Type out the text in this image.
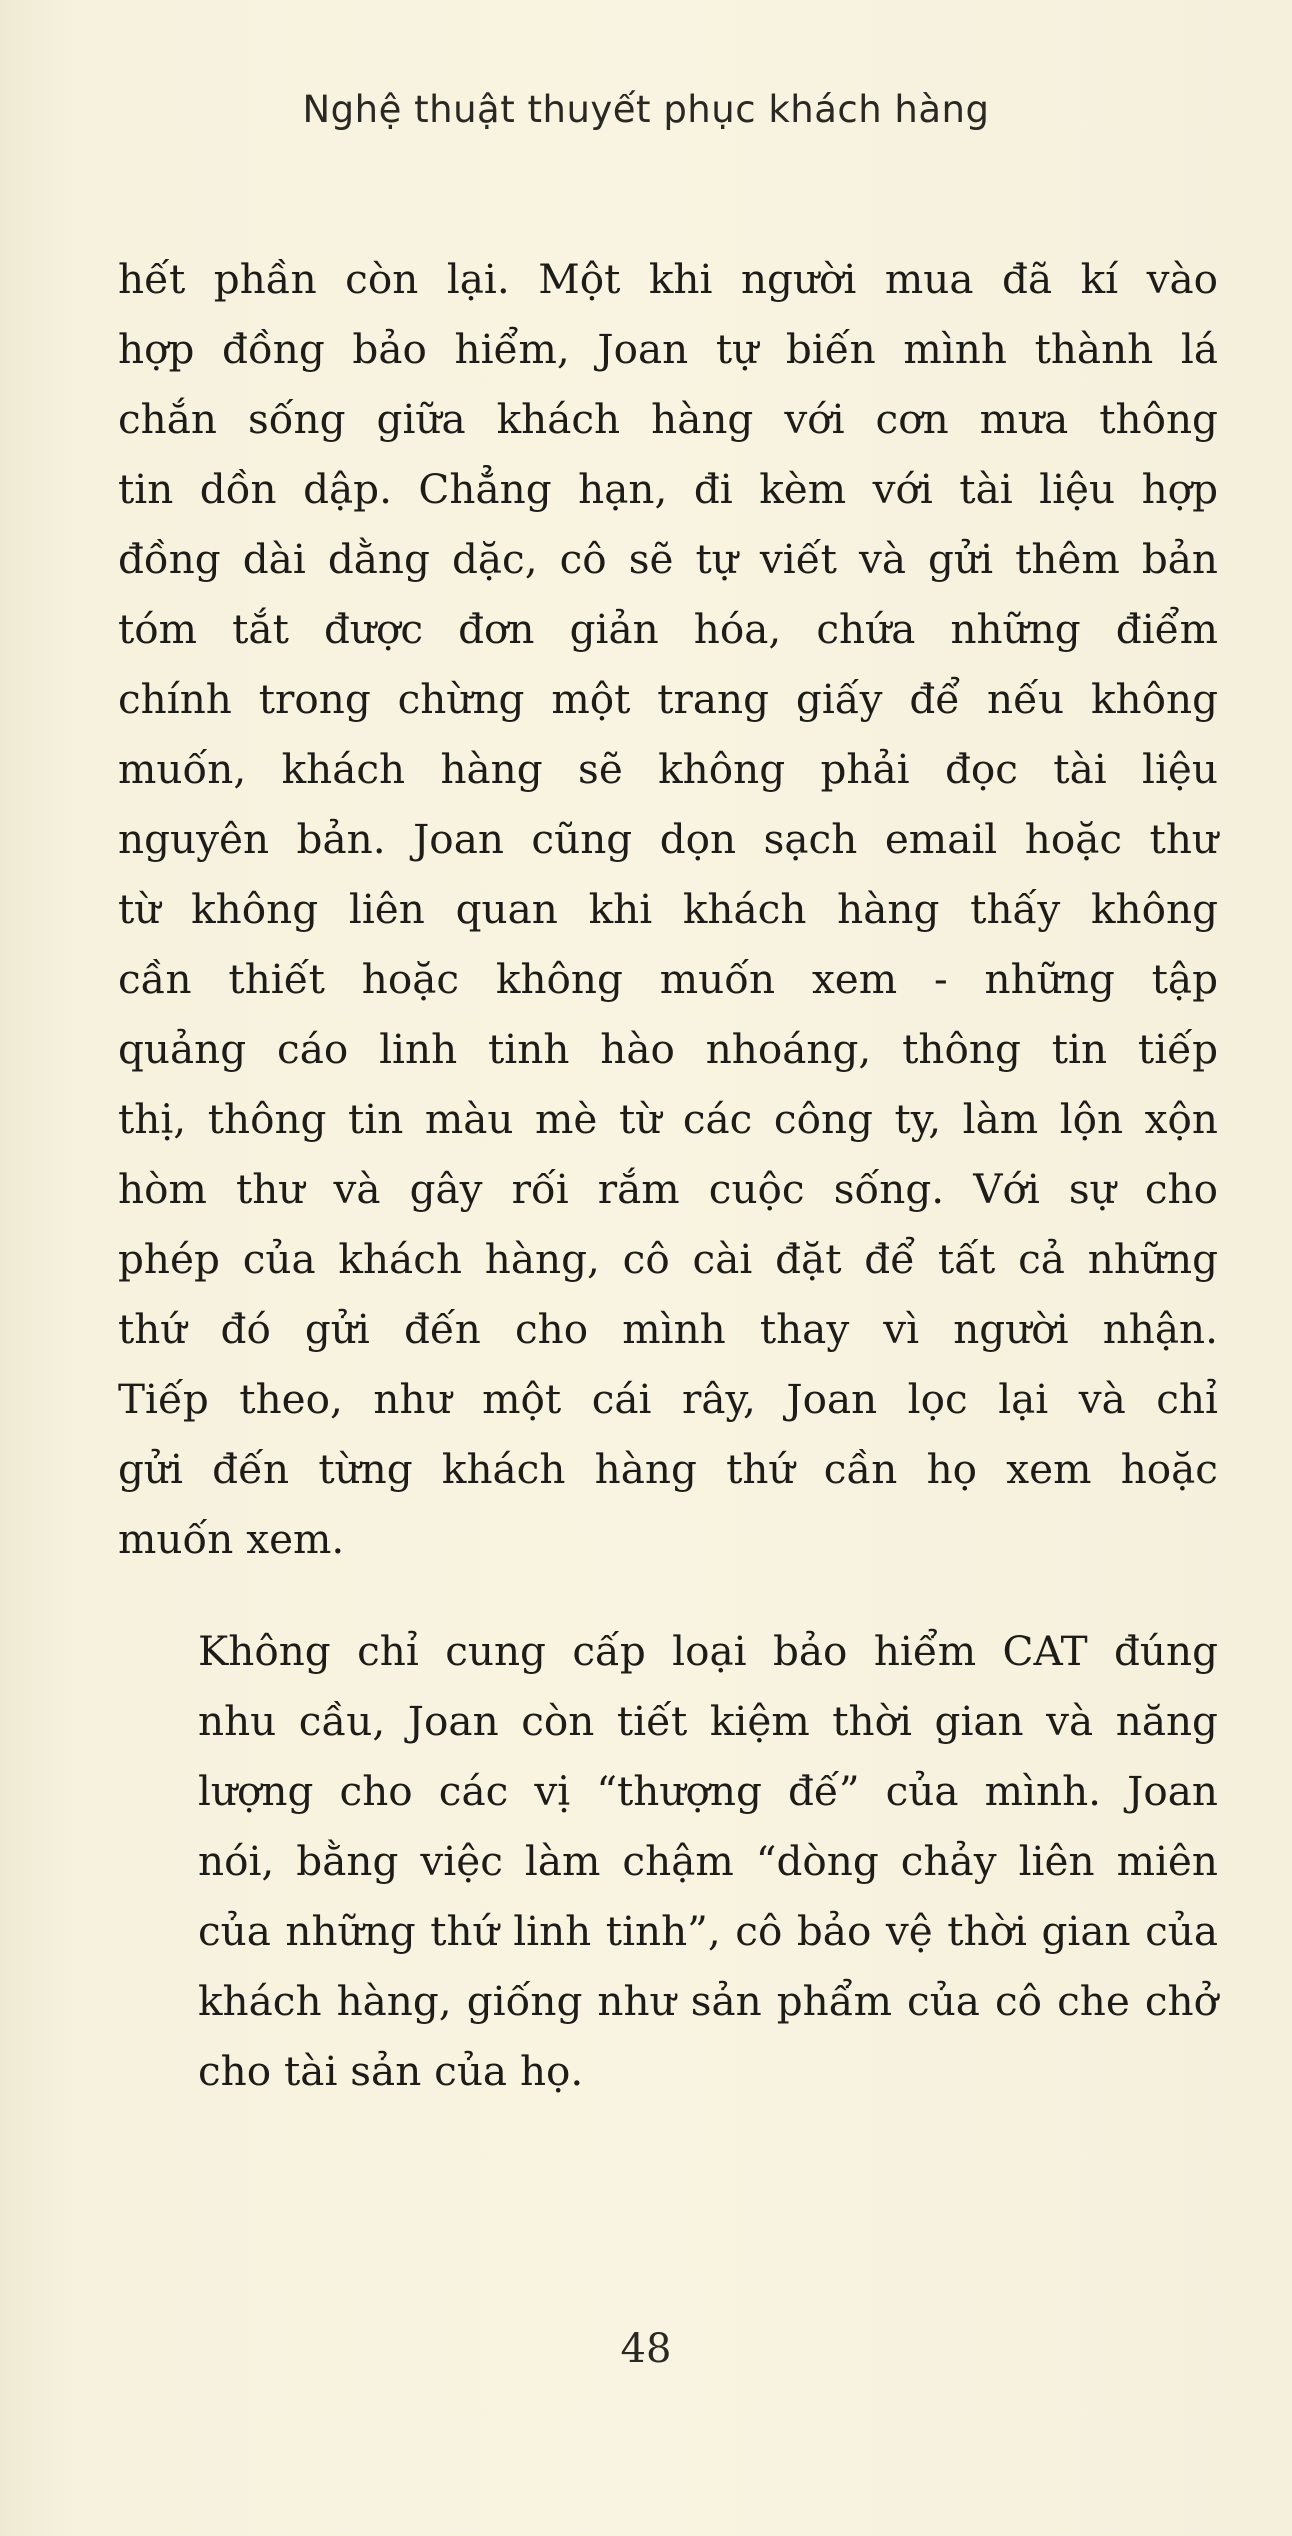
Nghệ thuật thuyết phục khách hàng

hết phần còn lại. Một khi người mua đã kí vào
hợp đồng bảo hiểm, Joan tự biến mình thành lá
chắn sống giữa khách hàng với cơn mưa thông
tin dồn dập. Chẳng hạn, đi kèm với tài liệu hợp
đồng dài dằng dặc, cô sẽ tự viết và gửi thêm bản
tóm tắt được đơn giản hóa, chứa những điểm
chính trong chừng một trang giấy để nếu không
muốn, khách hàng sẽ không phải đọc tài liệu
nguyên bản. Joan cũng dọn sạch email hoặc thư
từ không liên quan khi khách hàng thấy không
cần thiết hoặc không muốn xem - những tập
quảng cáo linh tinh hào nhoáng, thông tin tiếp
thị, thông tin màu mè từ các công ty, làm lộn xộn
hòm thư và gây rối rắm cuộc sống. Với sự cho
phép của khách hàng, cô cài đặt để tất cả những
thứ đó gửi đến cho mình thay vì người nhận.
Tiếp theo, như một cái rây, Joan lọc lại và chỉ
gửi đến từng khách hàng thứ cần họ xem hoặc
muốn xem.

Không chỉ cung cấp loại bảo hiểm CAT đúng
nhu cầu, Joan còn tiết kiệm thời gian và năng
lượng cho các vị “thượng đế” của mình. Joan
nói, bằng việc làm chậm “dòng chảy liên miên
của những thứ linh tinh”, cô bảo vệ thời gian của
khách hàng, giống như sản phẩm của cô che chở
cho tài sản của họ.

48
